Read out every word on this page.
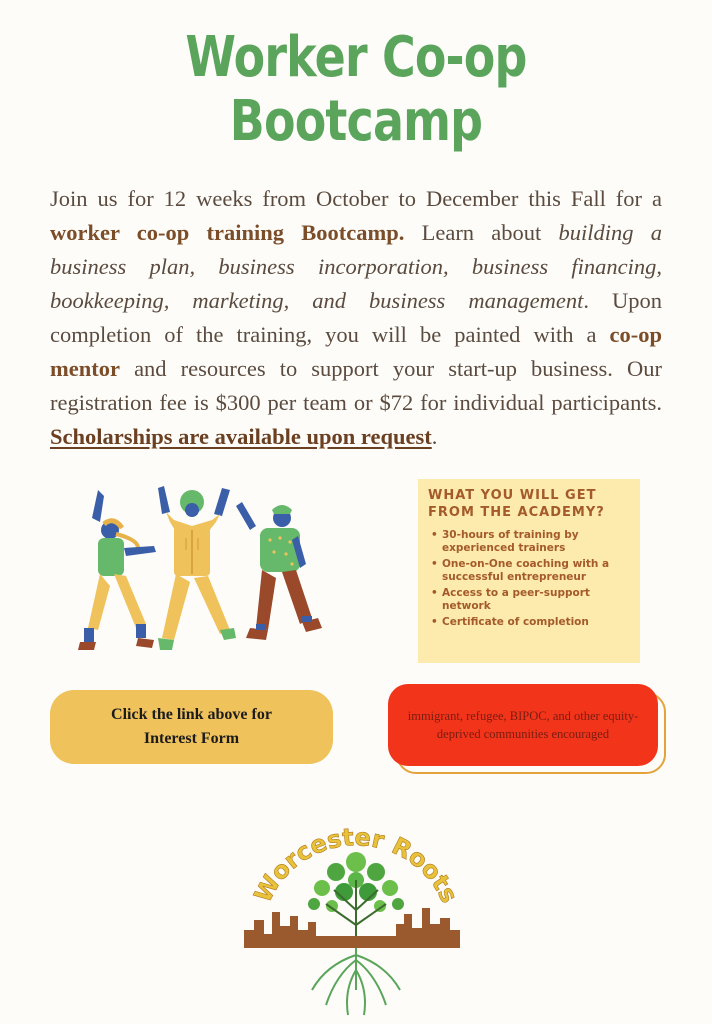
Worker Co-op
Bootcamp
Join us for 12 weeks from October to December this Fall for a worker co-op training Bootcamp. Learn about building a business plan, business incorporation, business financing, bookkeeping, marketing, and business management. Upon completion of the training, you will be painted with a co-op mentor and resources to support your start-up business. Our registration fee is $300 per team or $72 for individual participants. Scholarships are available upon request.
WHAT YOU WILL GET
FROM THE ACADEMY?
• 30-hours of training by experienced trainers
• One-on-One coaching with a successful entrepreneur
• Access to a peer-support network
• Certificate of completion
Click the link above for
Interest Form
immigrant, refugee, BIPOC, and other equity-deprived communities encouraged
Worcester Roots
